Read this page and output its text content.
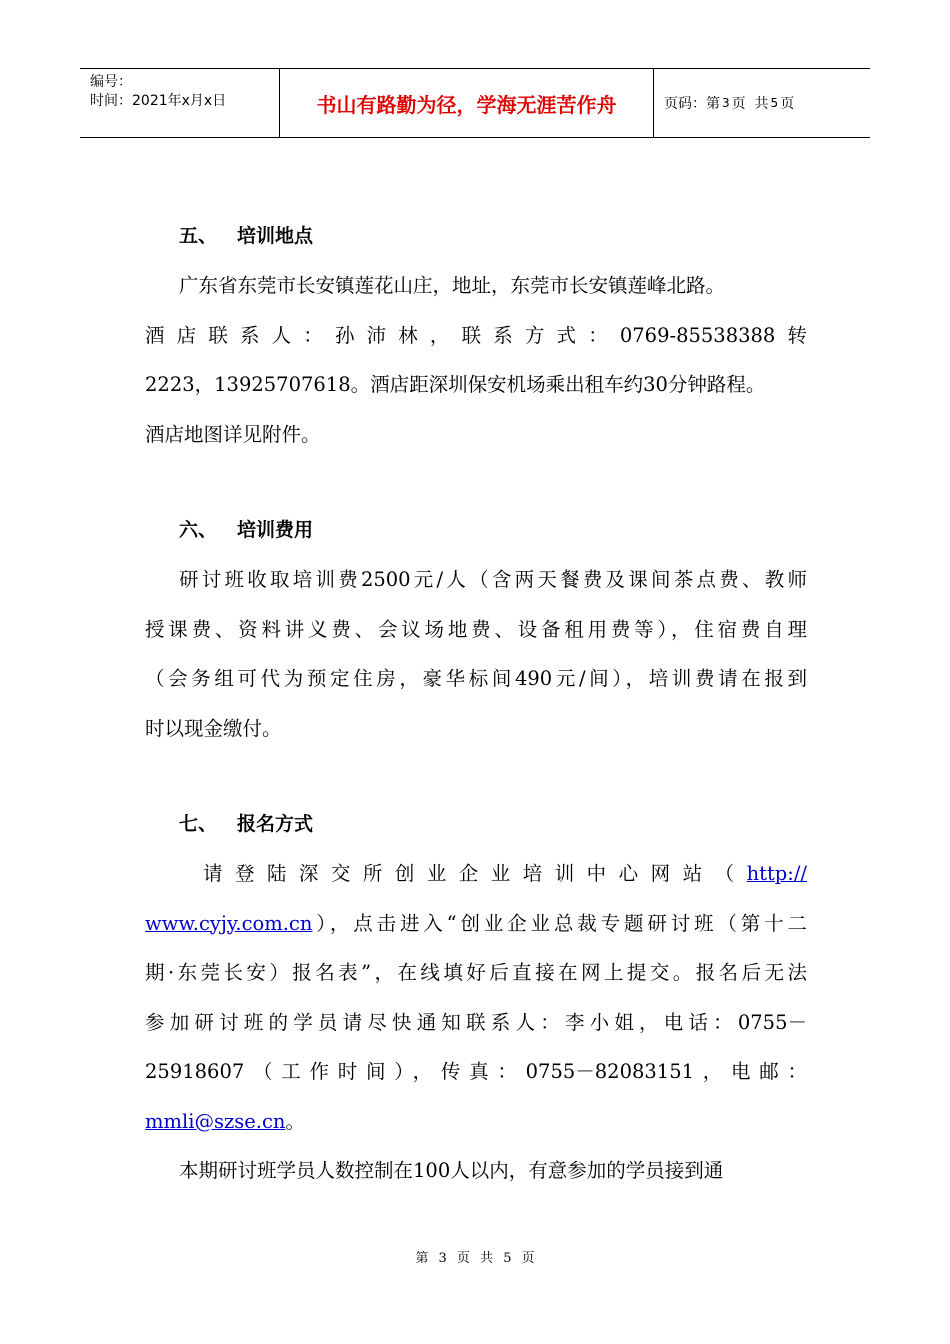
编号：
时间：2021年x月x日	书山有路勤为径，学海无涯苦作舟	页码：第 3 页  共 5 页
五、 培训地点
广东省东莞市长安镇莲花山庄，地址，东莞市长安镇莲峰北路。
酒店联系人：孙沛林，联系方式：0769-85538388转
2223，13925707618。酒店距深圳保安机场乘出租车约30分钟路程。
酒店地图详见附件。
六、 培训费用
研讨班收取培训费2500元/人（含两天餐费及课间茶点费、教师
授课费、资料讲义费、会议场地费、设备租用费等），住宿费自理
（会务组可代为预定住房，豪华标间490元/间），培训费请在报到
时以现金缴付。
七、 报名方式
请登陆深交所创业企业培训中心网站（http://
www.cyjy.com.cn），点击进入“创业企业总裁专题研讨班（第十二
期·东莞长安）报名表”，在线填好后直接在网上提交。报名后无法
参加研讨班的学员请尽快通知联系人：李小姐，电话：0755－
25918607（工作时间），传真：0755－82083151，电邮：
mmli@szse.cn。
本期研讨班学员人数控制在100人以内，有意参加的学员接到通
第 3 页 共 5 页
